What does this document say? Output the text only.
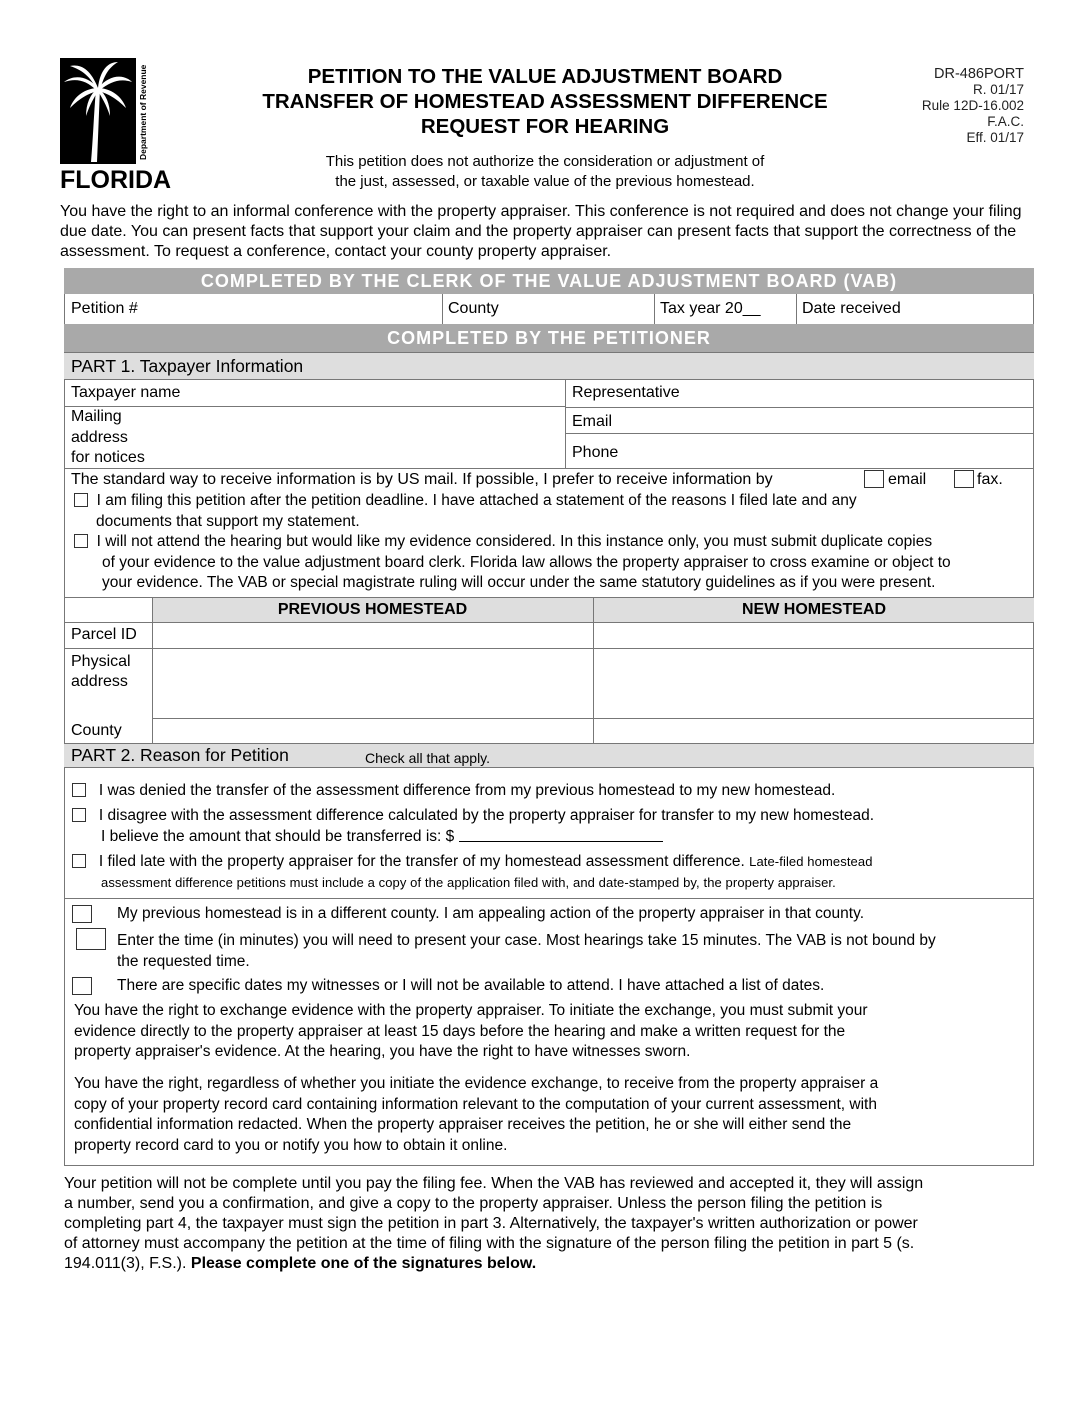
Department of Revenue
FLORIDA
PETITION TO THE VALUE ADJUSTMENT BOARD
TRANSFER OF HOMESTEAD ASSESSMENT DIFFERENCE
REQUEST FOR HEARING
This petition does not authorize the consideration or adjustment of
the just, assessed, or taxable value of the previous homestead.
DR-486PORT
R. 01/17
Rule 12D-16.002
F.A.C.
Eff. 01/17
You have the right to an informal conference with the property appraiser. This conference is not required and does not change your filing due date. You can present facts that support your claim and the property appraiser can present facts that support the correctness of the assessment. To request a conference, contact your county property appraiser.
COMPLETED BY THE CLERK OF THE VALUE ADJUSTMENT BOARD (VAB)
Petition #	County	Tax year 20__	Date received
COMPLETED BY THE PETITIONER
PART 1. Taxpayer Information
Taxpayer name	Representative
Mailing
address
for notices
Email
Phone
The standard way to receive information is by US mail. If possible, I prefer to receive information by	email	fax.
I am filing this petition after the petition deadline. I have attached a statement of the reasons I filed late and any
documents that support my statement.
I will not attend the hearing but would like my evidence considered. In this instance only, you must submit duplicate copies
of your evidence to the value adjustment board clerk. Florida law allows the property appraiser to cross examine or object to
your evidence. The VAB or special magistrate ruling will occur under the same statutory guidelines as if you were present.
PREVIOUS HOMESTEAD	NEW HOMESTEAD
Parcel ID
Physical
address
County
PART 2. Reason for Petition	Check all that apply.
I was denied the transfer of the assessment difference from my previous homestead to my new homestead.
I disagree with the assessment difference calculated by the property appraiser for transfer to my new homestead.
I believe the amount that should be transferred is: $
I filed late with the property appraiser for the transfer of my homestead assessment difference. Late-filed homestead
assessment difference petitions must include a copy of the application filed with, and date-stamped by, the property appraiser.
My previous homestead is in a different county. I am appealing action of the property appraiser in that county.
Enter the time (in minutes) you will need to present your case. Most hearings take 15 minutes. The VAB is not bound by
the requested time.
There are specific dates my witnesses or I will not be available to attend. I have attached a list of dates.
You have the right to exchange evidence with the property appraiser. To initiate the exchange, you must submit your
evidence directly to the property appraiser at least 15 days before the hearing and make a written request for the
property appraiser's evidence. At the hearing, you have the right to have witnesses sworn.
You have the right, regardless of whether you initiate the evidence exchange, to receive from the property appraiser a
copy of your property record card containing information relevant to the computation of your current assessment, with
confidential information redacted. When the property appraiser receives the petition, he or she will either send the
property record card to you or notify you how to obtain it online.
Your petition will not be complete until you pay the filing fee. When the VAB has reviewed and accepted it, they will assign
a number, send you a confirmation, and give a copy to the property appraiser. Unless the person filing the petition is
completing part 4, the taxpayer must sign the petition in part 3. Alternatively, the taxpayer's written authorization or power
of attorney must accompany the petition at the time of filing with the signature of the person filing the petition in part 5 (s.
194.011(3), F.S.). Please complete one of the signatures below.
